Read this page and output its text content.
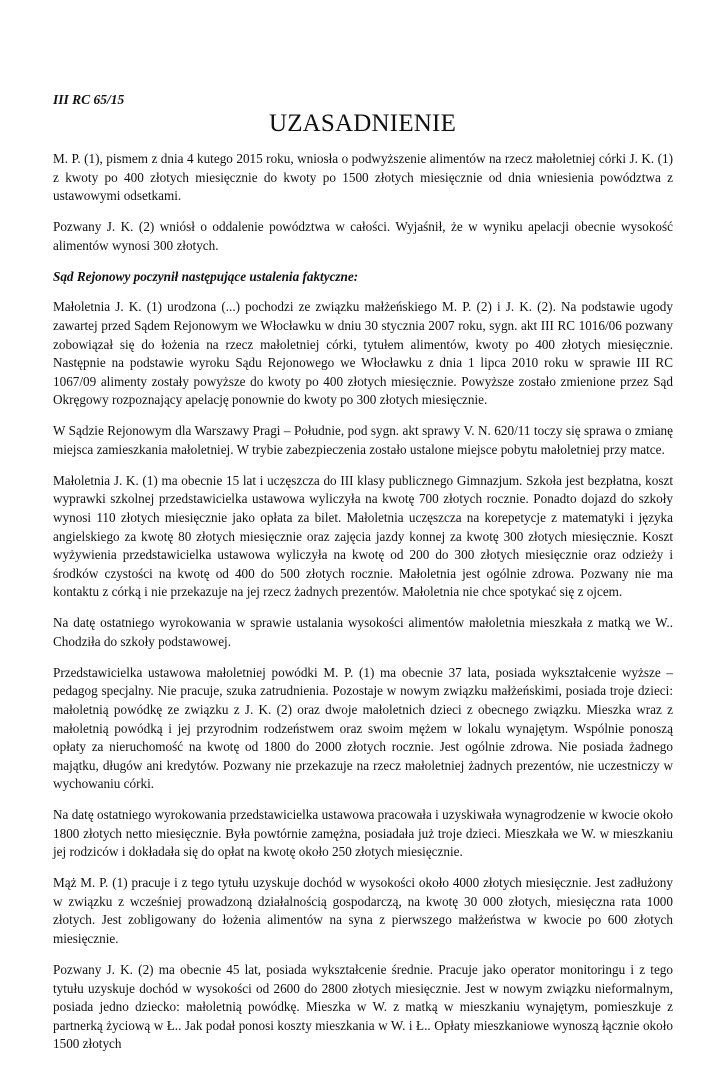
III RC 65/15
UZASADNIENIE

M. P. (1), pismem z dnia 4 kutego 2015 roku, wniosła o podwyższenie alimentów na rzecz małoletniej córki J. K. (1) z kwoty po 400 złotych miesięcznie do kwoty po 1500 złotych miesięcznie od dnia wniesienia powództwa z ustawowymi odsetkami.

Pozwany J. K. (2) wniósł o oddalenie powództwa w całości. Wyjaśnił, że w wyniku apelacji obecnie wysokość alimentów wynosi 300 złotych.

Sąd Rejonowy poczynił następujące ustalenia faktyczne:

Małoletnia J. K. (1) urodzona (...) pochodzi ze związku małżeńskiego M. P. (2) i J. K. (2). Na podstawie ugody zawartej przed Sądem Rejonowym we Włocławku w dniu 30 stycznia 2007 roku, sygn. akt III RC 1016/06 pozwany zobowiązał się do łożenia na rzecz małoletniej córki, tytułem alimentów, kwoty po 400 złotych miesięcznie. Następnie na podstawie wyroku Sądu Rejonowego we Włocławku z dnia 1 lipca 2010 roku w sprawie III RC 1067/09 alimenty zostały powyższe do kwoty po 400 złotych miesięcznie. Powyższe zostało zmienione przez Sąd Okręgowy rozpoznający apelację ponownie do kwoty po 300 złotych miesięcznie.

W Sądzie Rejonowym dla Warszawy Pragi – Południe, pod sygn. akt sprawy V. N. 620/11 toczy się sprawa o zmianę miejsca zamieszkania małoletniej. W trybie zabezpieczenia zostało ustalone miejsce pobytu małoletniej przy matce.

Małoletnia J. K. (1) ma obecnie 15 lat i uczęszcza do III klasy publicznego Gimnazjum. Szkoła jest bezpłatna, koszt wyprawki szkolnej przedstawicielka ustawowa wyliczyła na kwotę 700 złotych rocznie. Ponadto dojazd do szkoły wynosi 110 złotych miesięcznie jako opłata za bilet. Małoletnia uczęszcza na korepetycje z matematyki i języka angielskiego za kwotę 80 złotych miesięcznie oraz zajęcia jazdy konnej za kwotę 300 złotych miesięcznie. Koszt wyżywienia przedstawicielka ustawowa wyliczyła na kwotę od 200 do 300 złotych miesięcznie oraz odzieży i środków czystości na kwotę od 400 do 500 złotych rocznie. Małoletnia jest ogólnie zdrowa. Pozwany nie ma kontaktu z córką i nie przekazuje na jej rzecz żadnych prezentów. Małoletnia nie chce spotykać się z ojcem.

Na datę ostatniego wyrokowania w sprawie ustalania wysokości alimentów małoletnia mieszkała z matką we W.. Chodziła do szkoły podstawowej.

Przedstawicielka ustawowa małoletniej powódki M. P. (1) ma obecnie 37 lata, posiada wykształcenie wyższe – pedagog specjalny. Nie pracuje, szuka zatrudnienia. Pozostaje w nowym związku małżeńskimi, posiada troje dzieci: małoletnią powódkę ze związku z J. K. (2) oraz dwoje małoletnich dzieci z obecnego związku. Mieszka wraz z małoletnią powódką i jej przyrodnim rodzeństwem oraz swoim mężem w lokalu wynajętym. Wspólnie ponoszą opłaty za nieruchomość na kwotę od 1800 do 2000 złotych rocznie. Jest ogólnie zdrowa. Nie posiada żadnego majątku, długów ani kredytów. Pozwany nie przekazuje na rzecz małoletniej żadnych prezentów, nie uczestniczy w wychowaniu córki.

Na datę ostatniego wyrokowania przedstawicielka ustawowa pracowała i uzyskiwała wynagrodzenie w kwocie około 1800 złotych netto miesięcznie. Była powtórnie zamężna, posiadała już troje dzieci. Mieszkała we W. w mieszkaniu jej rodziców i dokładała się do opłat na kwotę około 250 złotych miesięcznie.

Mąż M. P. (1) pracuje i z tego tytułu uzyskuje dochód w wysokości około 4000 złotych miesięcznie. Jest zadłużony w związku z wcześniej prowadzoną działalnością gospodarczą, na kwotę 30 000 złotych, miesięczna rata 1000 złotych. Jest zobligowany do łożenia alimentów na syna z pierwszego małżeństwa w kwocie po 600 złotych miesięcznie.

Pozwany J. K. (2) ma obecnie 45 lat, posiada wykształcenie średnie. Pracuje jako operator monitoringu i z tego tytułu uzyskuje dochód w wysokości od 2600 do 2800 złotych miesięcznie. Jest w nowym związku nieformalnym, posiada jedno dziecko: małoletnią powódkę. Mieszka w W. z matką w mieszkaniu wynajętym, pomieszkuje z partnerką życiową w Ł.. Jak podał ponosi koszty mieszkania w W. i Ł.. Opłaty mieszkaniowe wynoszą łącznie około 1500 złotych
